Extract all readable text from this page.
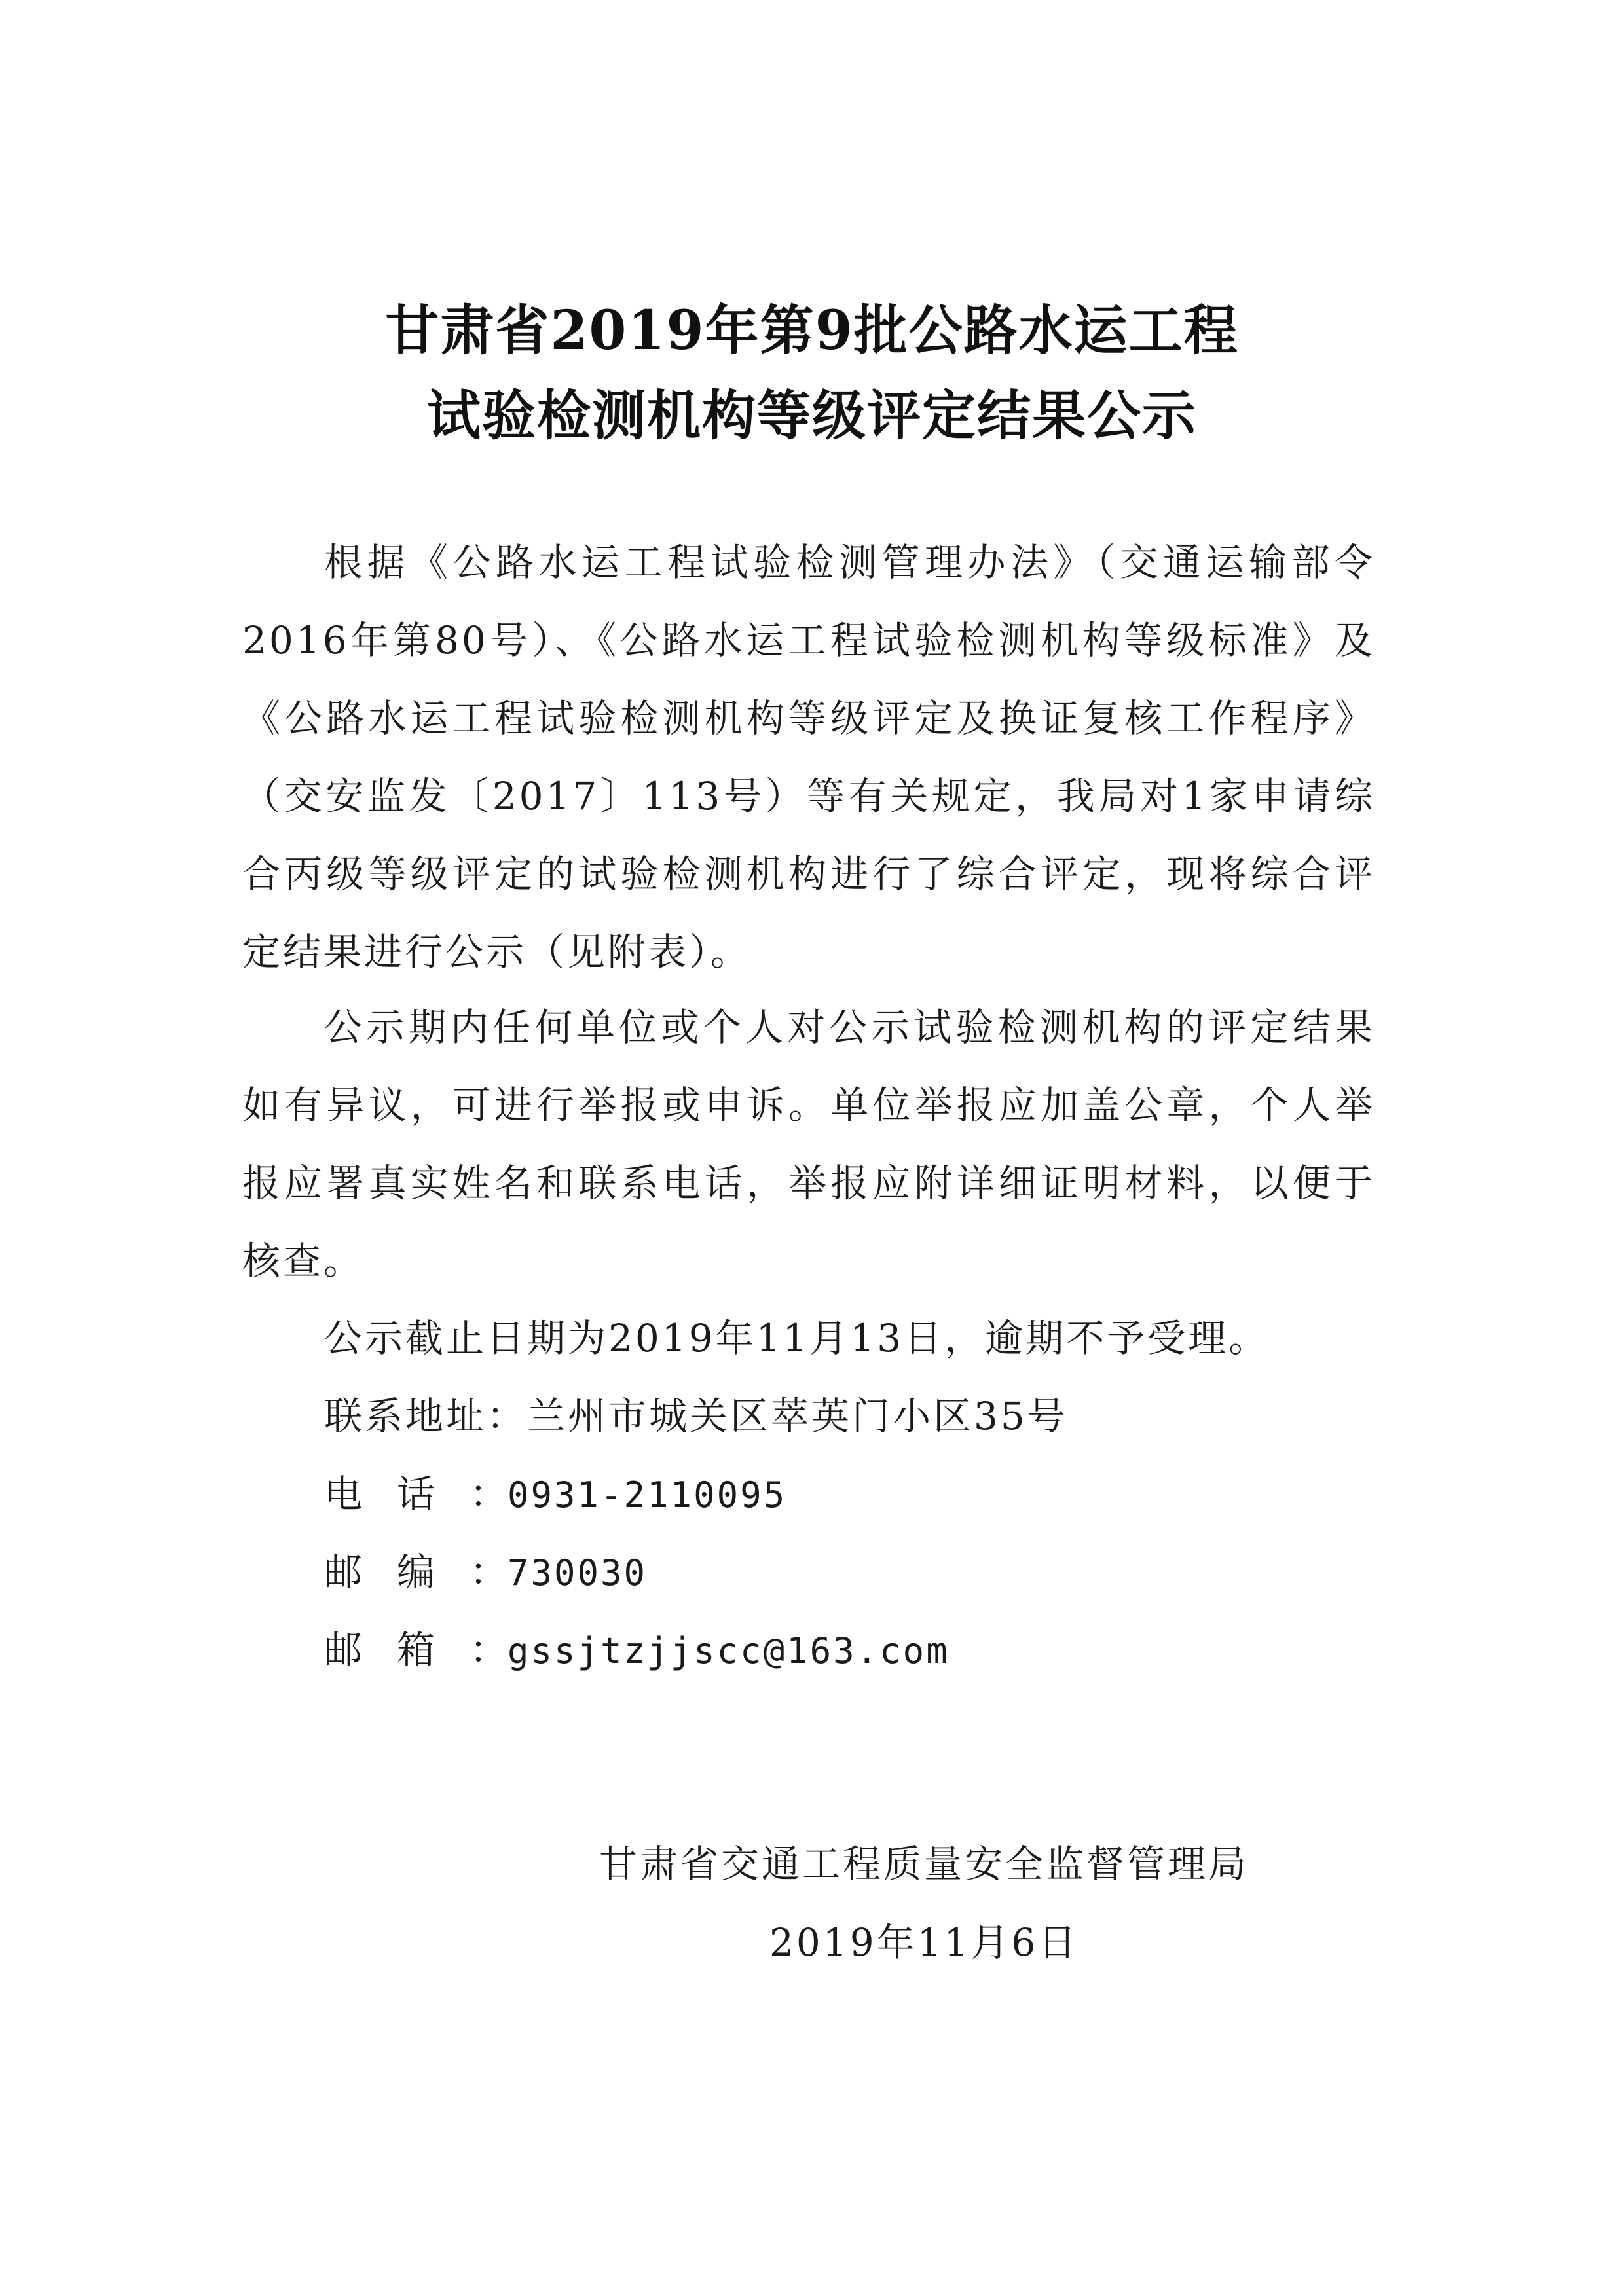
甘肃省2019年第9批公路水运工程
试验检测机构等级评定结果公示

根据《公路水运工程试验检测管理办法》（交通运输部令2016年第80号）、《公路水运工程试验检测机构等级标准》及《公路水运工程试验检测机构等级评定及换证复核工作程序》（交安监发〔2017〕113号）等有关规定，我局对1家申请综合丙级等级评定的试验检测机构进行了综合评定，现将综合评定结果进行公示（见附表）。

公示期内任何单位或个人对公示试验检测机构的评定结果如有异议，可进行举报或申诉。单位举报应加盖公章，个人举报应署真实姓名和联系电话，举报应附详细证明材料，以便于核查。

公示截止日期为2019年11月13日，逾期不予受理。

联系地址：兰州市城关区萃英门小区35号

电话：0931-2110095

邮编：730030

邮箱：gssjtzjjscc@163.com

甘肃省交通工程质量安全监督管理局
2019年11月6日
